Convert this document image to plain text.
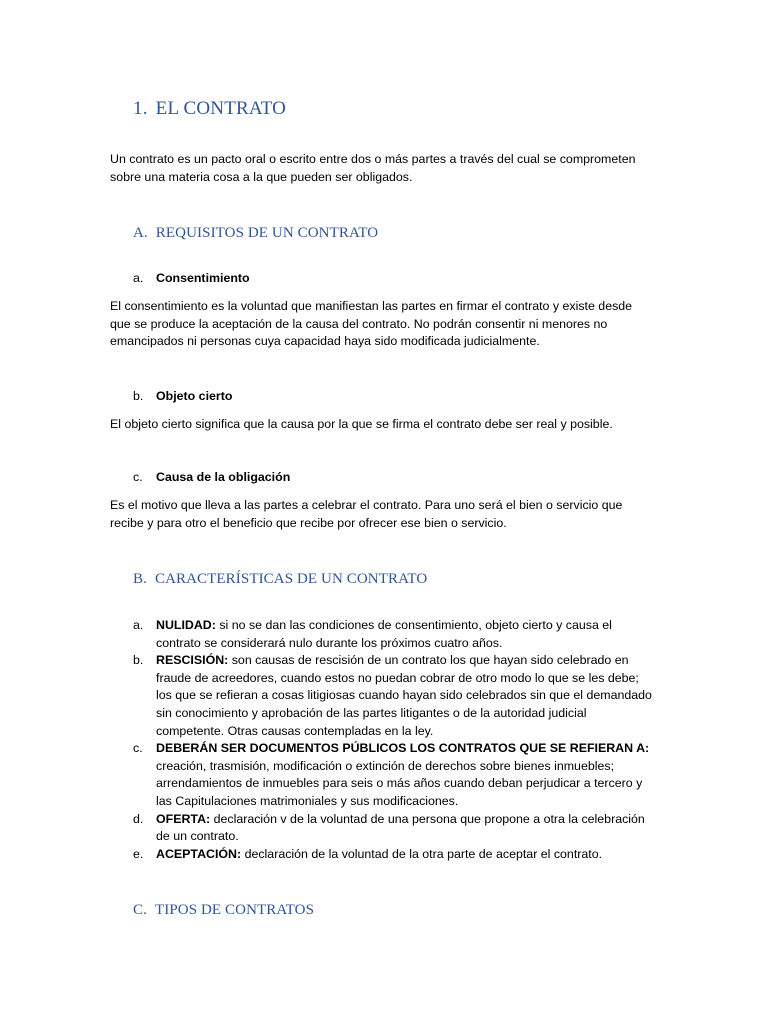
1. EL CONTRATO
Un contrato es un pacto oral o escrito entre dos o más partes a través del cual se comprometen sobre una materia cosa a la que pueden ser obligados.
A. REQUISITOS DE UN CONTRATO
a. Consentimiento
El consentimiento es la voluntad que manifiestan las partes en firmar el contrato y existe desde que se produce la aceptación de la causa del contrato. No podrán consentir ni menores no emancipados ni personas cuya capacidad haya sido modificada judicialmente.
b. Objeto cierto
El objeto cierto significa que la causa por la que se firma el contrato debe ser real y posible.
c. Causa de la obligación
Es el motivo que lleva a las partes a celebrar el contrato. Para uno será el bien o servicio que recibe y para otro el beneficio que recibe por ofrecer ese bien o servicio.
B. CARACTERÍSTICAS DE UN CONTRATO
a. NULIDAD: si no se dan las condiciones de consentimiento, objeto cierto y causa el contrato se considerará nulo durante los próximos cuatro años.
b. RESCISIÓN: son causas de rescisión de un contrato los que hayan sido celebrado en fraude de acreedores, cuando estos no puedan cobrar de otro modo lo que se les debe; los que se refieran a cosas litigiosas cuando hayan sido celebrados sin que el demandado sin conocimiento y aprobación de las partes litigantes o de la autoridad judicial competente. Otras causas contempladas en la ley.
c. DEBERÁN SER DOCUMENTOS PÚBLICOS LOS CONTRATOS QUE SE REFIERAN A: creación, trasmisión, modificación o extinción de derechos sobre bienes inmuebles; arrendamientos de inmuebles para seis o más años cuando deban perjudicar a tercero y las Capitulaciones matrimoniales y sus modificaciones.
d. OFERTA: declaración v de la voluntad de una persona que propone a otra la celebración de un contrato.
e. ACEPTACIÓN: declaración de la voluntad de la otra parte de aceptar el contrato.
C. TIPOS DE CONTRATOS
